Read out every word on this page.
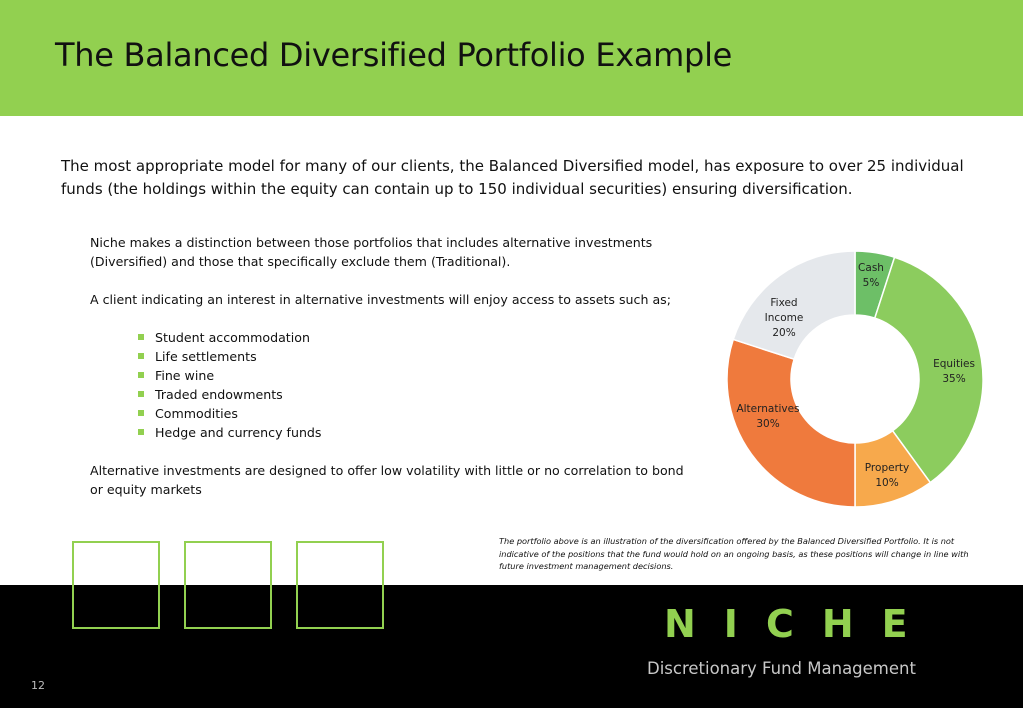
The Balanced Diversified Portfolio Example

The most appropriate model for many of our clients, the Balanced Diversified model, has exposure to over 25 individual funds (the holdings within the equity can contain up to 150 individual securities) ensuring diversification.

Niche makes a distinction between those portfolios that includes alternative investments (Diversified) and those that specifically exclude them (Traditional).

A client indicating an interest in alternative investments will enjoy access to assets such as;

Student accommodation
Life settlements
Fine wine
Traded endowments
Commodities
Hedge and currency funds

Alternative investments are designed to offer low volatility with little or no correlation to bond or equity markets

Cash 5%
Equities 35%
Property 10%
Alternatives 30%
Fixed Income 20%

The portfolio above is an illustration of the diversification offered by the Balanced Diversified Portfolio. It is not indicative of the positions that the fund would hold on an ongoing basis, as these positions will change in line with future investment management decisions.

NICHE

Discretionary Fund Management

12
